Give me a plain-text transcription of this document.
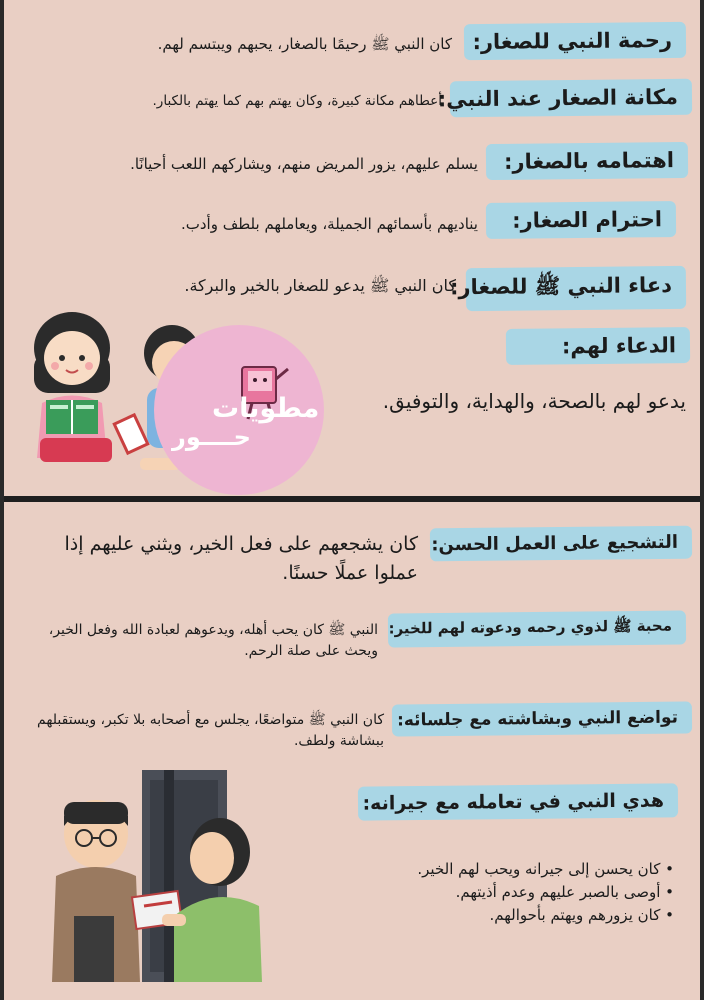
رحمة النبي للصغار:
كان النبي ﷺ رحيمًا بالصغار، يحبهم ويبتسم لهم.
مكانة الصغار عند النبي:
أعطاهم مكانة كبيرة، وكان يهتم بهم كما يهتم بالكبار.
اهتمامه بالصغار:
يسلم عليهم، يزور المريض منهم، ويشاركهم اللعب أحيانًا.
احترام الصغار:
يناديهم بأسمائهم الجميلة، ويعاملهم بلطف وأدب.
دعاء النبي ﷺ للصغار:
كان النبي ﷺ يدعو للصغار بالخير والبركة.
الدعاء لهم:
يدعو لهم بالصحة، والهداية، والتوفيق.
مطويات
حــــور
التشجيع على العمل الحسن:
كان يشجعهم على فعل الخير، ويثني عليهم إذا عملوا عملًا حسنًا.
محبة ﷺ لذوي رحمه ودعوته لهم للخير:
النبي ﷺ كان يحب أهله، ويدعوهم لعبادة الله وفعل الخير، ويحث على صلة الرحم.
تواضع النبي وبشاشته مع جلسائه:
كان النبي ﷺ متواضعًا، يجلس مع أصحابه بلا تكبر، ويستقبلهم ببشاشة ولطف.
هدي النبي في تعامله مع جيرانه:
• كان يحسن إلى جيرانه ويحب لهم الخير.
• أوصى بالصبر عليهم وعدم أذيتهم.
• كان يزورهم ويهتم بأحوالهم.
